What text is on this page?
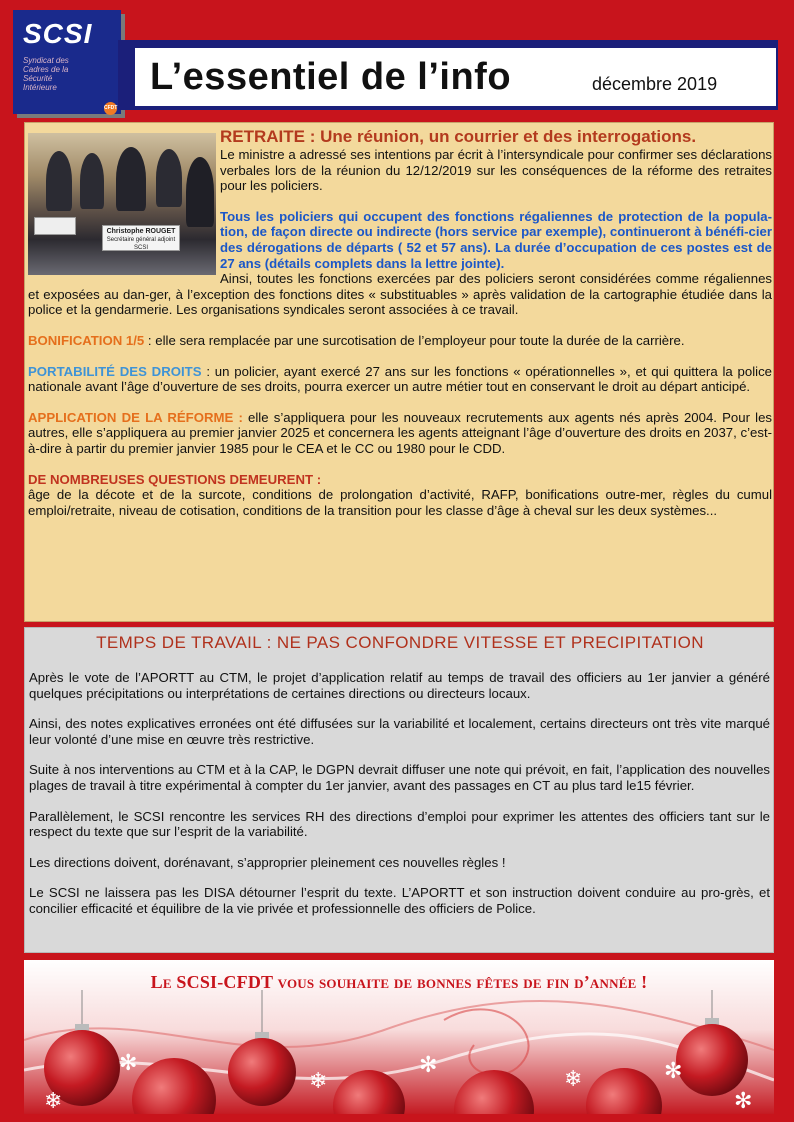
SCSI
Syndicat des
Cadres de la
Sécurité
Intérieure
CFDT
L’essentiel de l’info	décembre 2019
Christophe ROUGET
Secrétaire général adjoint SCSI

RETRAITE : Une réunion, un courrier et des interrogations.

Le ministre a adressé ses intentions par écrit à l’intersyndicale pour confirmer ses déclarations verbales lors de la réunion du 12/12/2019 sur les conséquences de la réforme des retraites pour les policiers.

Tous les policiers qui occupent des fonctions régaliennes de protection de la popula-tion, de façon directe ou indirecte (hors service par exemple), continueront à bénéfi-cier des dérogations de départs ( 52 et 57 ans). La durée d’occupation de ces postes est de 27 ans (détails complets dans la lettre jointe).

Ainsi, toutes les fonctions exercées par des policiers seront considérées comme régaliennes et exposées au dan-ger, à l’exception des fonctions dites « substituables » après validation de la cartographie étudiée dans la police et la gendarmerie. Les organisations syndicales seront associées à ce travail.

BONIFICATION 1/5 : elle sera remplacée par une surcotisation de l’employeur pour toute la durée de la carrière.

PORTABILITÉ DES DROITS : un policier, ayant exercé 27 ans sur les fonctions « opérationnelles », et qui quittera la police nationale avant l’âge d’ouverture de ses droits, pourra exercer un autre métier tout en conservant le droit au départ anticipé.

APPLICATION DE LA RÉFORME : elle s’appliquera pour les nouveaux recrutements aux agents nés après 2004. Pour les autres, elle s’appliquera au premier janvier 2025 et concernera les agents atteignant l’âge d’ouverture des droits en 2037, c’est-à-dire à partir du premier janvier 1985 pour le CEA et le CC ou 1980 pour le CDD.

DE NOMBREUSES QUESTIONS DEMEURENT :

âge de la décote et de la surcote, conditions de prolongation d’activité, RAFP, bonifications outre-mer, règles du cumul emploi/retraite, niveau de cotisation, conditions de la transition pour les classe d’âge à cheval sur les deux systèmes...

TEMPS DE TRAVAIL : NE PAS CONFONDRE VITESSE ET PRECIPITATION

Après le vote de l’APORTT au CTM, le projet d’application relatif au temps de travail des officiers au 1er janvier a généré quelques précipitations ou interprétations de certaines directions ou directeurs locaux.

Ainsi, des notes explicatives erronées ont été diffusées sur la variabilité et localement, certains directeurs ont très vite marqué leur volonté d’une mise en œuvre très restrictive.

Suite à nos interventions au CTM et à la CAP, le DGPN devrait diffuser une note qui prévoit, en fait, l’application des nouvelles plages de travail à titre expérimental à compter du 1er janvier, avant des passages en CT au plus tard le15 février.

Parallèlement, le SCSI rencontre les services RH des directions d’emploi pour exprimer les attentes des officiers tant sur le respect du texte que sur l’esprit de la variabilité.

Les directions doivent, dorénavant, s’approprier pleinement ces nouvelles règles !

Le SCSI ne laissera pas les DISA détourner l’esprit du texte. L’APORTT et son instruction doivent conduire au pro-grès, et concilier efficacité et équilibre de la vie privée et professionnelle des officiers de Police.

✻
❄
✻
❄	✻
❄	✻
Le SCSI-CFDT vous souhaite de bonnes fêtes de fin d’année !
